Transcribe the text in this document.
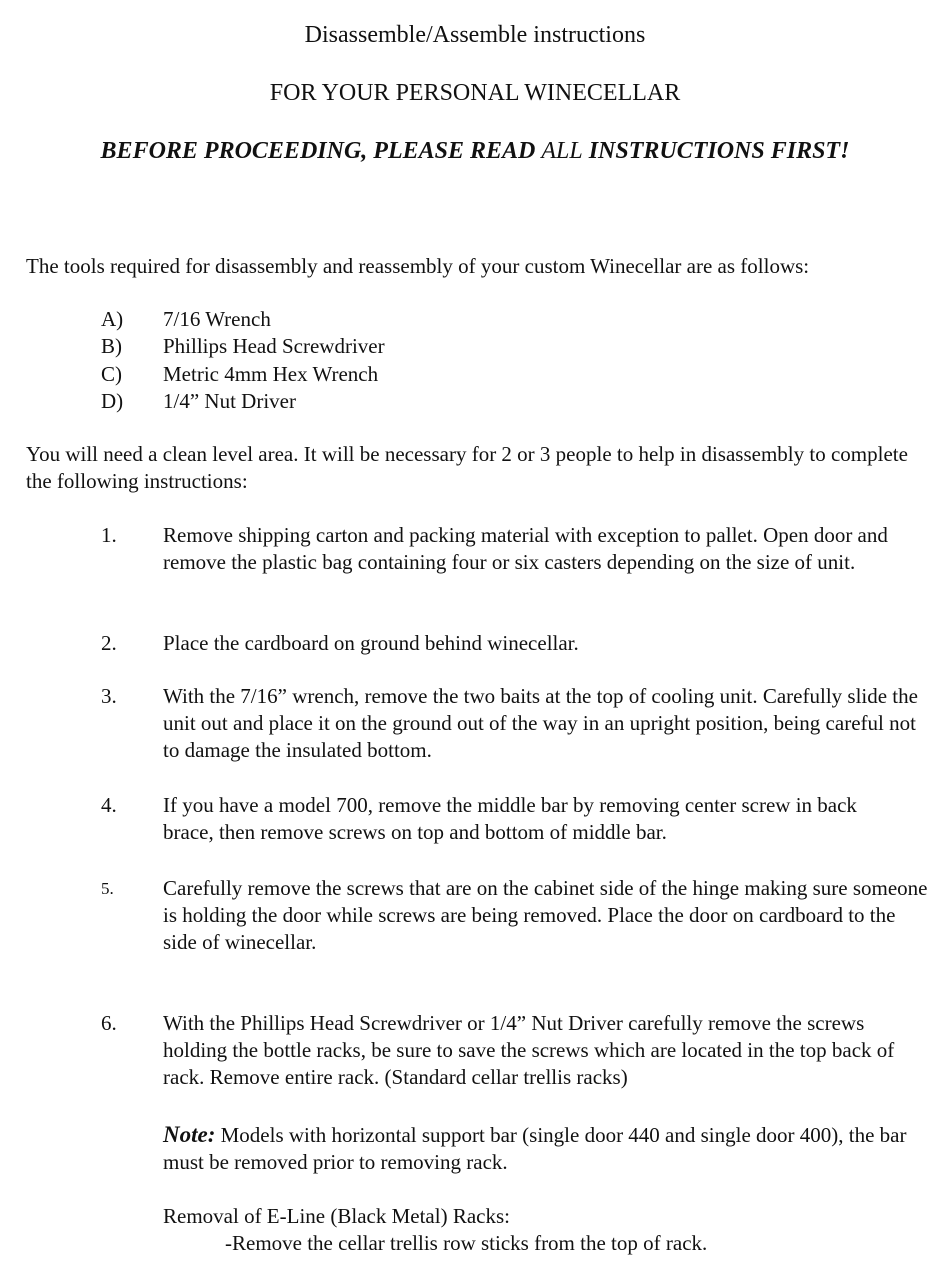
Disassemble/Assemble instructions
FOR YOUR PERSONAL WINECELLAR
BEFORE PROCEEDING, PLEASE READ ALL INSTRUCTIONS FIRST!
The tools required for disassembly and reassembly of your custom Winecellar are as follows:
A) 7/16 Wrench
B) Phillips Head Screwdriver
C) Metric 4mm Hex Wrench
D) 1/4” Nut Driver
You will need a clean level area. It will be necessary for 2 or 3 people to help in disassembly to complete the following instructions:
1. Remove shipping carton and packing material with exception to pallet. Open door and remove the plastic bag containing four or six casters depending on the size of unit.
2. Place the cardboard on ground behind winecellar.
3. With the 7/16” wrench, remove the two baits at the top of cooling unit. Carefully slide the unit out and place it on the ground out of the way in an upright position, being careful not to damage the insulated bottom.
4. If you have a model 700, remove the middle bar by removing center screw in back brace, then remove screws on top and bottom of middle bar.
5. Carefully remove the screws that are on the cabinet side of the hinge making sure someone is holding the door while screws are being removed. Place the door on cardboard to the side of winecellar.
6. With the Phillips Head Screwdriver or 1/4” Nut Driver carefully remove the screws holding the bottle racks, be sure to save the screws which are located in the top back of rack. Remove entire rack. (Standard cellar trellis racks)
Note: Models with horizontal support bar (single door 440 and single door 400), the bar must be removed prior to removing rack.
Removal of E-Line (Black Metal) Racks:
-Remove the cellar trellis row sticks from the top of rack.
